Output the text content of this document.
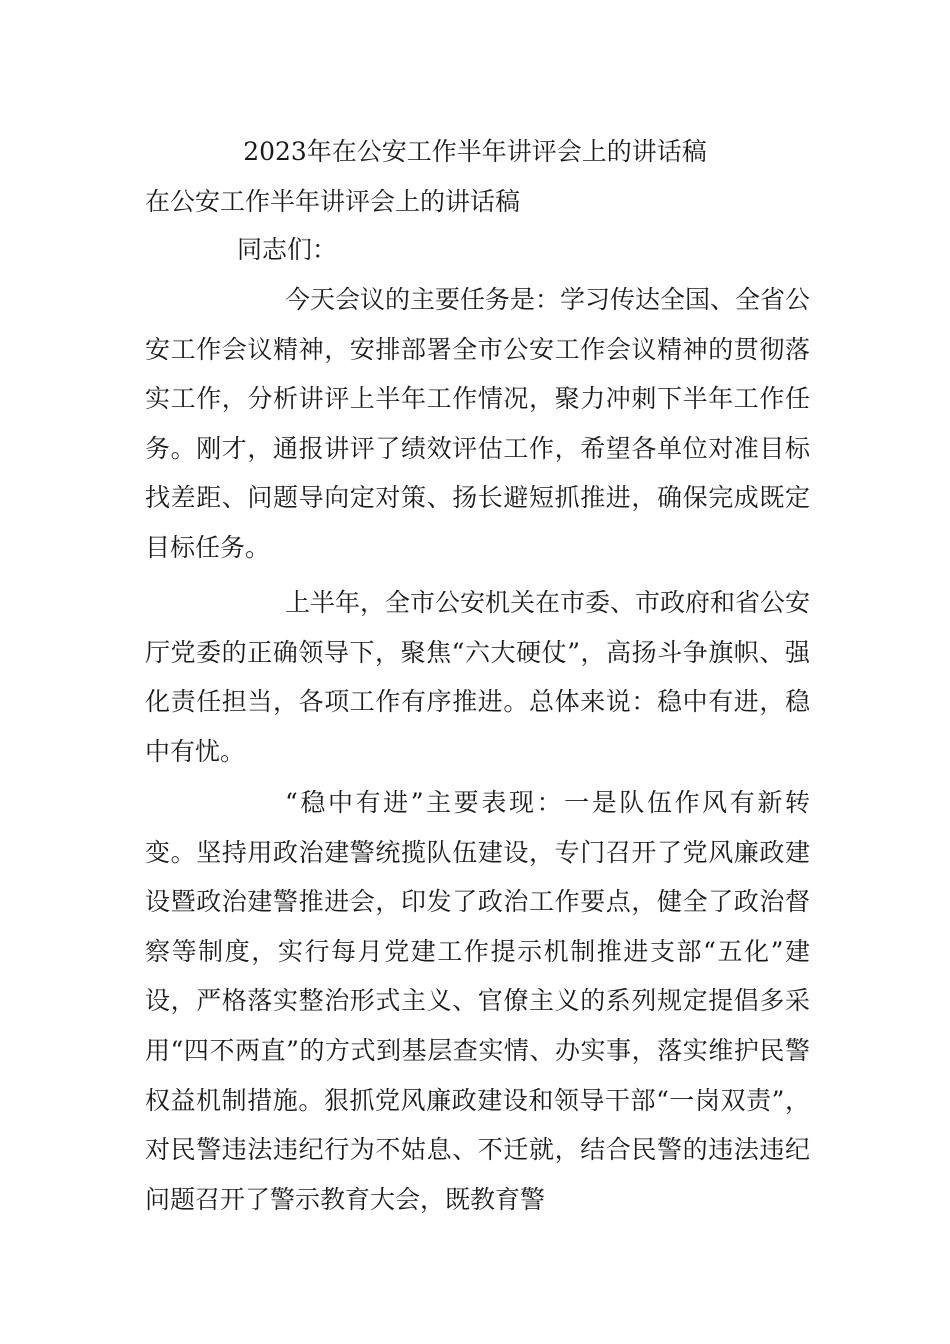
2023年在公安工作半年讲评会上的讲话稿
在公安工作半年讲评会上的讲话稿
同志们：

今天会议的主要任务是：学习传达全国、全省公安工作会议精神，安排部署全市公安工作会议精神的贯彻落实工作，分析讲评上半年工作情况，聚力冲刺下半年工作任务。刚才，通报讲评了绩效评估工作，希望各单位对准目标找差距、问题导向定对策、扬长避短抓推进，确保完成既定目标任务。

上半年，全市公安机关在市委、市政府和省公安厅党委的正确领导下，聚焦“六大硬仗”，高扬斗争旗帜、强化责任担当，各项工作有序推进。总体来说：稳中有进，稳中有忧。

“稳中有进”主要表现：一是队伍作风有新转变。坚持用政治建警统揽队伍建设，专门召开了党风廉政建设暨政治建警推进会，印发了政治工作要点，健全了政治督察等制度，实行每月党建工作提示机制推进支部“五化”建设，严格落实整治形式主义、官僚主义的系列规定提倡多采用“四不两直”的方式到基层查实情、办实事，落实维护民警权益机制措施。狠抓党风廉政建设和领导干部“一岗双责”，对民警违法违纪行为不姑息、不迁就，结合民警的违法违纪问题召开了警示教育大会，既教育警
